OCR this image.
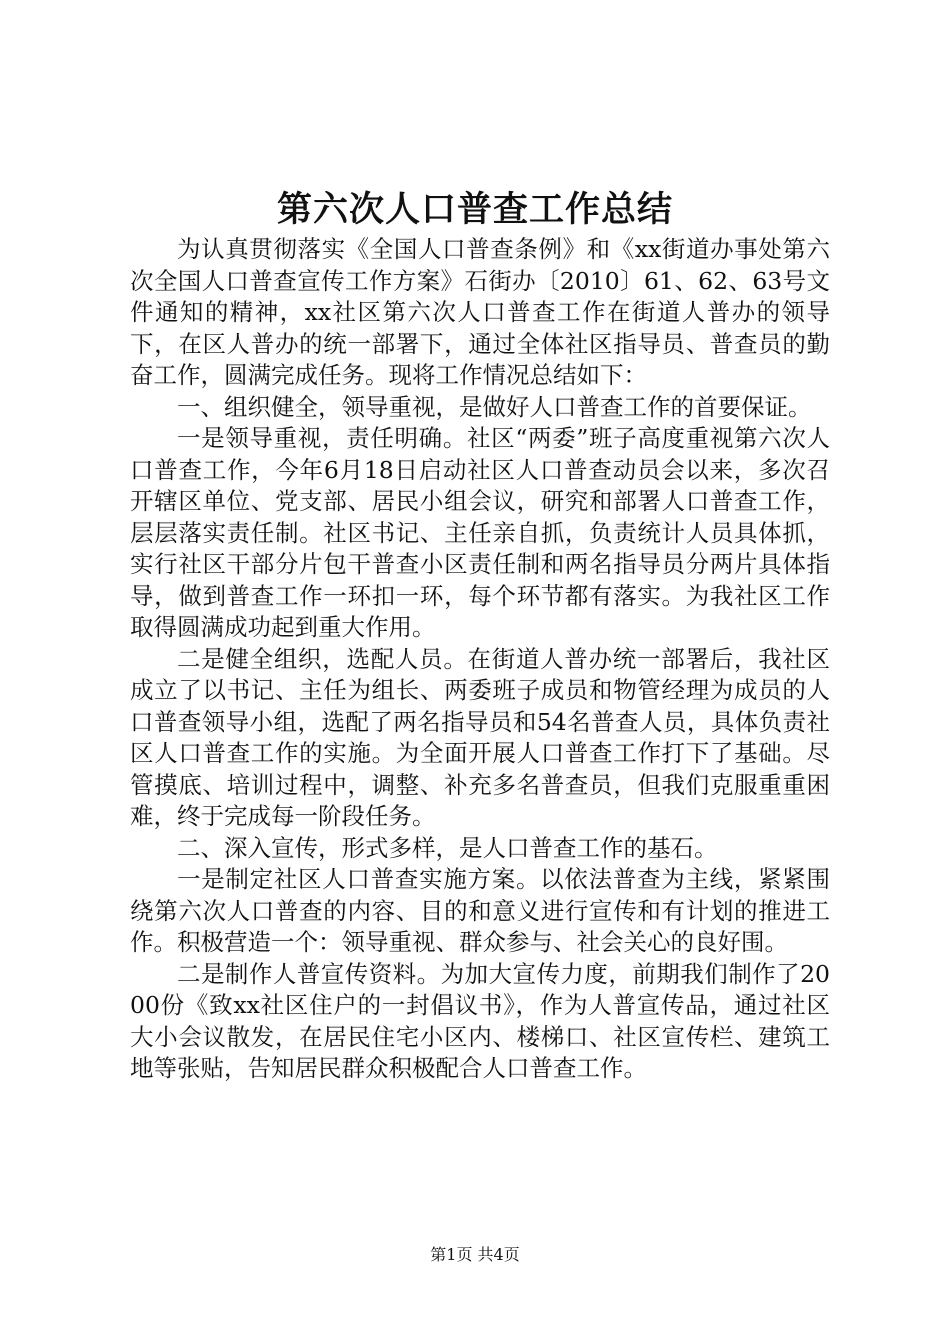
第六次人口普查工作总结

为认真贯彻落实《全国人口普查条例》和《xx街道办事处第六次全国人口普查宣传工作方案》石街办〔2010〕61、62、63号文件通知的精神，xx社区第六次人口普查工作在街道人普办的领导下，在区人普办的统一部署下，通过全体社区指导员、普查员的勤奋工作，圆满完成任务。现将工作情况总结如下：

一、组织健全，领导重视，是做好人口普查工作的首要保证。

一是领导重视，责任明确。社区“两委”班子高度重视第六次人口普查工作，今年6月18日启动社区人口普查动员会以来，多次召开辖区单位、党支部、居民小组会议，研究和部署人口普查工作，层层落实责任制。社区书记、主任亲自抓，负责统计人员具体抓，实行社区干部分片包干普查小区责任制和两名指导员分两片具体指导，做到普查工作一环扣一环，每个环节都有落实。为我社区工作取得圆满成功起到重大作用。

二是健全组织，选配人员。在街道人普办统一部署后，我社区成立了以书记、主任为组长、两委班子成员和物管经理为成员的人口普查领导小组，选配了两名指导员和54名普查人员，具体负责社区人口普查工作的实施。为全面开展人口普查工作打下了基础。尽管摸底、培训过程中，调整、补充多名普查员，但我们克服重重困难，终于完成每一阶段任务。

二、深入宣传，形式多样，是人口普查工作的基石。

一是制定社区人口普查实施方案。以依法普查为主线，紧紧围绕第六次人口普查的内容、目的和意义进行宣传和有计划的推进工作。积极营造一个：领导重视、群众参与、社会关心的良好围。

二是制作人普宣传资料。为加大宣传力度，前期我们制作了2000份《致xx社区住户的一封倡议书》，作为人普宣传品，通过社区大小会议散发，在居民住宅小区内、楼梯口、社区宣传栏、建筑工地等张贴，告知居民群众积极配合人口普查工作。

第1页 共4页
